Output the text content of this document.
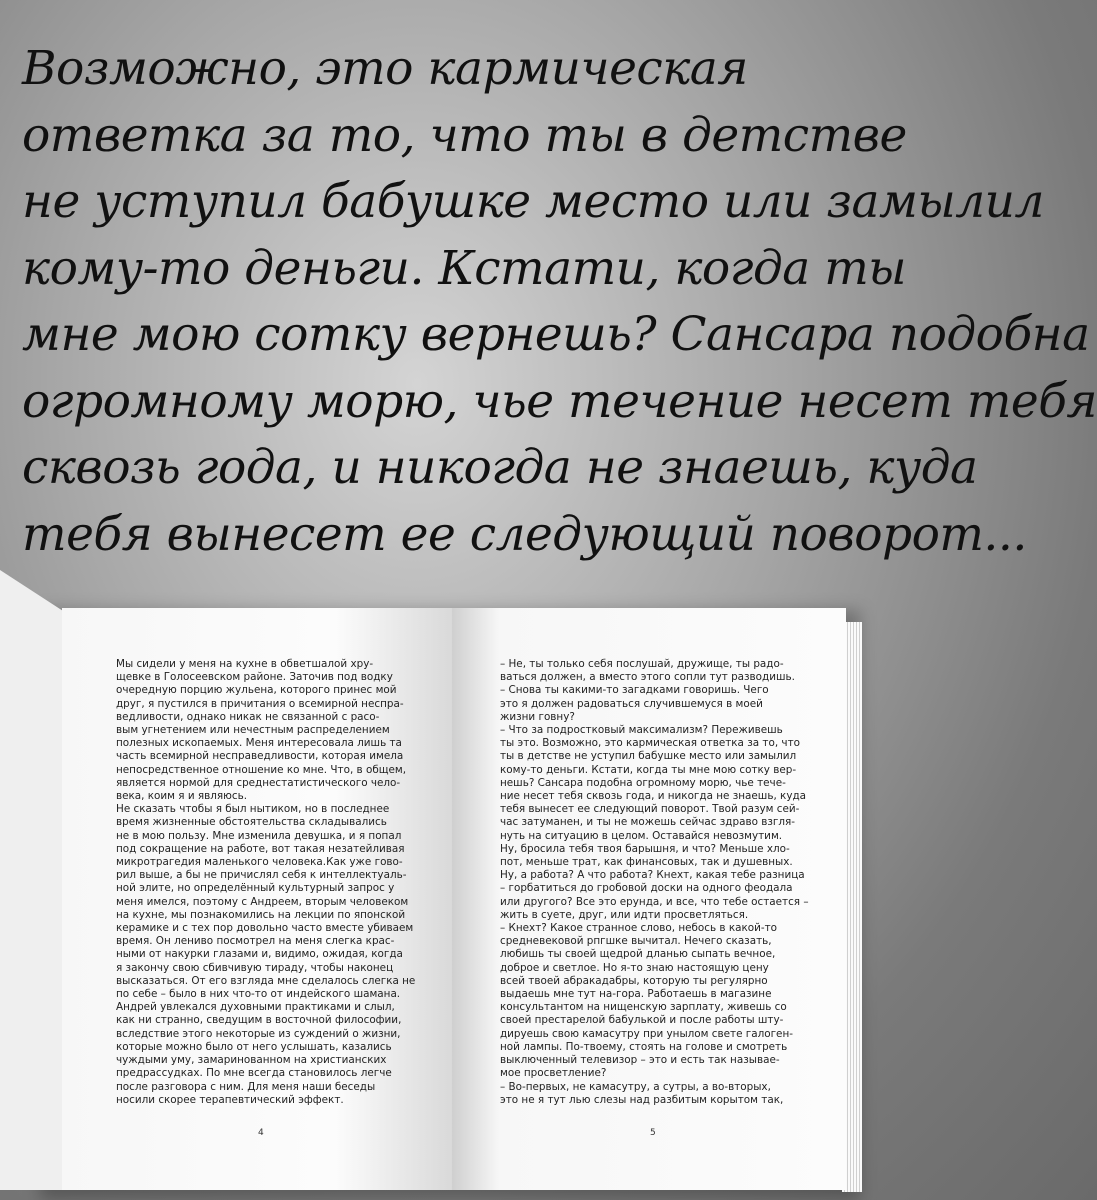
Возможно, это кармическая
ответка за то, что ты в детстве
не уступил бабушке место или замылил
кому-то деньги. Кстати, когда ты
мне мою сотку вернешь? Сансара подобна
огромному морю, чье течение несет тебя
сквозь года, и никогда не знаешь, куда
тебя вынесет ее следующий поворот...
Мы сидели у меня на кухне в обветшалой хру-
щевке в Голосеевском районе. Заточив под водку
очередную порцию жульена, которого принес мой
друг, я пустился в причитания о всемирной неспра-
ведливости, однако никак не связанной с расо-
вым угнетением или нечестным распределением
полезных ископаемых. Меня интересовала лишь та
часть всемирной несправедливости, которая имела
непосредственное отношение ко мне. Что, в общем,
является нормой для среднестатистического чело-
века, коим я и являюсь.
Не сказать чтобы я был нытиком, но в последнее
время жизненные обстоятельства складывались
не в мою пользу. Мне изменила девушка, и я попал
под сокращение на работе, вот такая незатейливая
микротрагедия маленького человека.Как уже гово-
рил выше, а бы не причислял себя к интеллектуаль-
ной элите, но определённый культурный запрос у
меня имелся, поэтому с Андреем, вторым человеком
на кухне, мы познакомились на лекции по японской
керамике и с тех пор довольно часто вместе убиваем
время. Он лениво посмотрел на меня слегка крас-
ными от накурки глазами и, видимо, ожидая, когда
я закончу свою сбивчивую тираду, чтобы наконец
высказаться. От его взгляда мне сделалось слегка не
по себе – было в них что-то от индейского шамана.
Андрей увлекался духовными практиками и слыл,
как ни странно, сведущим в восточной философии,
вследствие этого некоторые из суждений о жизни,
которые можно было от него услышать, казались
чуждыми уму, замаринованном на христианских
предрассудках. По мне всегда становилось легче
после разговора с ним. Для меня наши беседы
носили скорее терапевтический эффект.
4
– Не, ты только себя послушай, дружище, ты радо-
ваться должен, а вместо этого сопли тут разводишь.
– Снова ты какими-то загадками говоришь. Чего
это я должен радоваться случившемуся в моей
жизни говну?
– Что за подростковый максимализм? Переживешь
ты это. Возможно, это кармическая ответка за то, что
ты в детстве не уступил бабушке место или замылил
кому-то деньги. Кстати, когда ты мне мою сотку вер-
нешь? Сансара подобна огромному морю, чье тече-
ние несет тебя сквозь года, и никогда не знаешь, куда
тебя вынесет ее следующий поворот. Твой разум сей-
час затуманен, и ты не можешь сейчас здраво взгля-
нуть на ситуацию в целом. Оставайся невозмутим.
Ну, бросила тебя твоя барышня, и что? Меньше хло-
пот, меньше трат, как финансовых, так и душевных.
Ну, а работа? А что работа? Кнехт, какая тебе разница
– горбатиться до гробовой доски на одного феодала
или другого? Все это ерунда, и все, что тебе остается –
жить в суете, друг, или идти просветляться.
– Кнехт? Какое странное слово, небось в какой-то
средневековой рпгшке вычитал. Нечего сказать,
любишь ты своей щедрой дланью сыпать вечное,
доброе и светлое. Но я-то знаю настоящую цену
всей твоей абракадабры, которую ты регулярно
выдаешь мне тут на-гора. Работаешь в магазине
консультантом на нищенскую зарплату, живешь со
своей престарелой бабулькой и после работы шту-
дируешь свою камасутру при унылом свете галоген-
ной лампы. По-твоему, стоять на голове и смотреть
выключенный телевизор – это и есть так называе-
мое просветление?
– Во-первых, не камасутру, а сутры, а во-вторых,
это не я тут лью слезы над разбитым корытом так,
5
